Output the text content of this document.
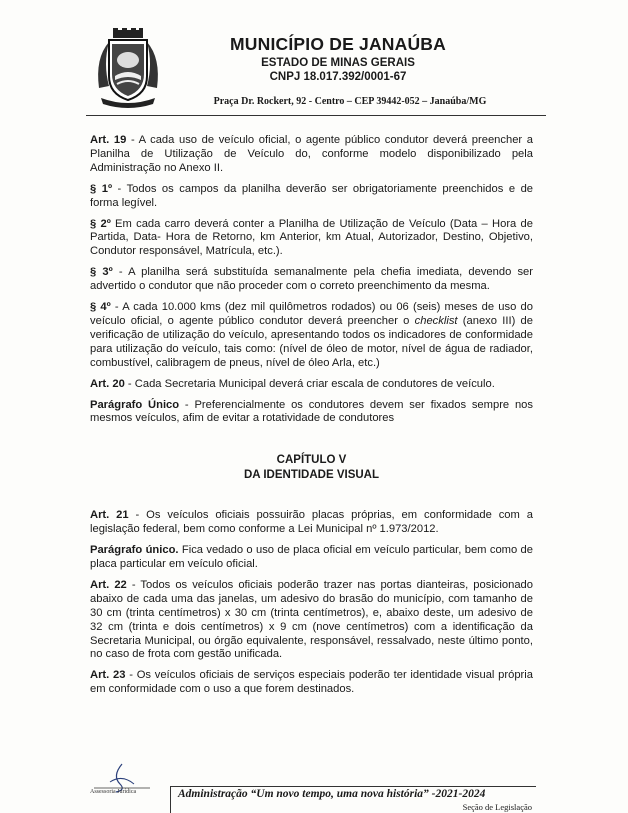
MUNICÍPIO DE JANAÚBA
ESTADO DE MINAS GERAIS
CNPJ 18.017.392/0001-67
Praça Dr. Rockert, 92 - Centro – CEP 39442-052 – Janaúba/MG

Art. 19 - A cada uso de veículo oficial, o agente público condutor deverá preencher a Planilha de Utilização de Veículo do, conforme modelo disponibilizado pela Administração no Anexo II.

§ 1º - Todos os campos da planilha deverão ser obrigatoriamente preenchidos e de forma legível.

§ 2º Em cada carro deverá conter a Planilha de Utilização de Veículo (Data – Hora de Partida, Data- Hora de Retorno, km Anterior, km Atual, Autorizador, Destino, Objetivo, Condutor responsável, Matrícula, etc.).

§ 3º - A planilha será substituída semanalmente pela chefia imediata, devendo ser advertido o condutor que não proceder com o correto preenchimento da mesma.

§ 4º - A cada 10.000 kms (dez mil quilômetros rodados) ou 06 (seis) meses de uso do veículo oficial, o agente público condutor deverá preencher o checklist (anexo III) de verificação de utilização do veículo, apresentando todos os indicadores de conformidade para utilização do veículo, tais como: (nível de óleo de motor, nível de água de radiador, combustível, calibragem de pneus, nível de óleo Arla, etc.)

Art. 20 - Cada Secretaria Municipal deverá criar escala de condutores de veículo.

Parágrafo Único - Preferencialmente os condutores devem ser fixados sempre nos mesmos veículos, afim de evitar a rotatividade de condutores

CAPÍTULO V
DA IDENTIDADE VISUAL

Art. 21 - Os veículos oficiais possuirão placas próprias, em conformidade com a legislação federal, bem como conforme a Lei Municipal nº 1.973/2012.

Parágrafo único. Fica vedado o uso de placa oficial em veículo particular, bem como de placa particular em veículo oficial.

Art. 22 - Todos os veículos oficiais poderão trazer nas portas dianteiras, posicionado abaixo de cada uma das janelas, um adesivo do brasão do município, com tamanho de 30 cm (trinta centímetros) x 30 cm (trinta centímetros), e, abaixo deste, um adesivo de 32 cm (trinta e dois centímetros) x 9 cm (nove centímetros) com a identificação da Secretaria Municipal, ou órgão equivalente, responsável, ressalvado, neste último ponto, no caso de frota com gestão unificada.

Art. 23 - Os veículos oficiais de serviços especiais poderão ter identidade visual própria em conformidade com o uso a que forem destinados.

Assessoria Jurídica	Administração “Um novo tempo, uma nova história” -2021-2024
Seção de Legislação
